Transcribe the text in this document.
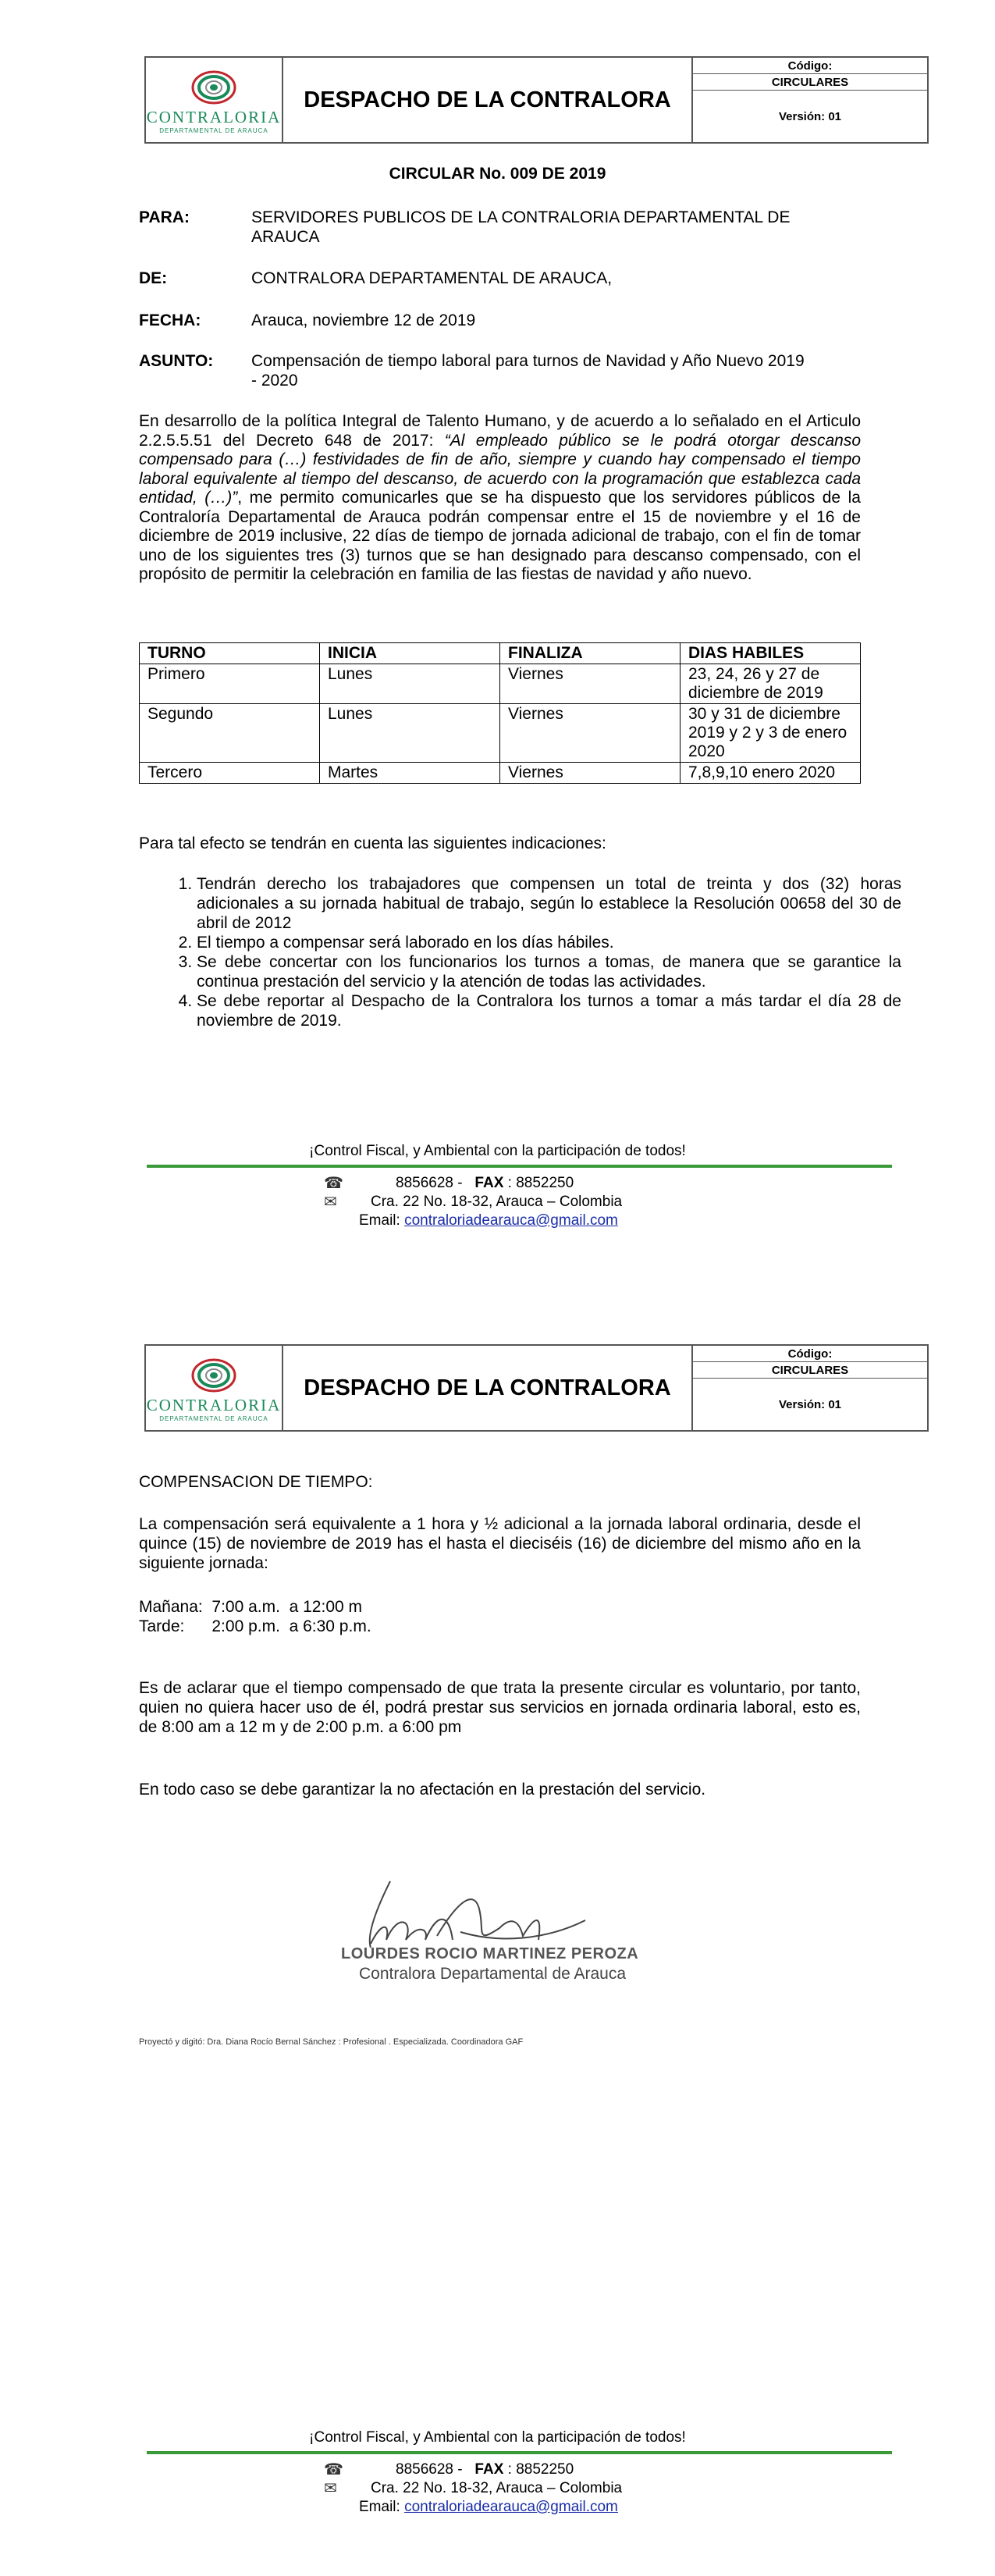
CONTRALORIA
DEPARTAMENTAL DE ARAUCA
DESPACHO DE LA CONTRALORA
Código:
CIRCULARES
Versión: 01
CIRCULAR No. 009 DE 2019
PARA:	SERVIDORES PUBLICOS DE LA CONTRALORIA DEPARTAMENTAL DE
ARAUCA
DE:	CONTRALORA DEPARTAMENTAL DE ARAUCA,
FECHA:	Arauca, noviembre 12 de 2019
ASUNTO: Compensación de tiempo laboral para turnos de Navidad y Año Nuevo 2019
- 2020
En desarrollo de la política Integral de Talento Humano, y de acuerdo a lo señalado en el Articulo 2.2.5.5.51 del Decreto 648 de 2017: “Al empleado público se le podrá otorgar descanso compensado para (…) festividades de fin de año, siempre y cuando hay compensado el tiempo laboral equivalente al tiempo del descanso, de acuerdo con la programación que establezca cada entidad, (…)”, me permito comunicarles que se ha dispuesto que los servidores públicos de la Contraloría Departamental de Arauca podrán compensar entre el 15 de noviembre y el 16 de diciembre de 2019 inclusive, 22 días de tiempo de jornada adicional de trabajo, con el fin de tomar uno de los siguientes tres (3) turnos que se han designado para descanso compensado, con el propósito de permitir la celebración en familia de las fiestas de navidad y año nuevo.
TURNO	INICIA	FINALIZA	DIAS HABILES
Primero	Lunes	Viernes	23, 24, 26 y 27 de diciembre de 2019
Segundo	Lunes	Viernes	30 y 31 de diciembre 2019 y 2 y 3 de enero 2020
Tercero	Martes	Viernes	7,8,9,10 enero 2020
Para tal efecto se tendrán en cuenta las siguientes indicaciones:
1. Tendrán derecho los trabajadores que compensen un total de treinta y dos (32) horas adicionales a su jornada habitual de trabajo, según lo establece la Resolución 00658 del 30 de abril de 2012
2. El tiempo a compensar será laborado en los días hábiles.
3. Se debe concertar con los funcionarios los turnos a tomas, de manera que se garantice la continua prestación del servicio y la atención de todas las actividades.
4. Se debe reportar al Despacho de la Contralora los turnos a tomar a más tardar el día 28 de noviembre de 2019.
¡Control Fiscal, y Ambiental con la participación de todos!
☎	8856628 -
FAX
: 8852250
✉	Cra. 22 No. 18-32, Arauca – Colombia
Email:
contraloriadearauca@gmail.com
CONTRALORIA
DEPARTAMENTAL DE ARAUCA
DESPACHO DE LA CONTRALORA
Código:
CIRCULARES
Versión: 01
COMPENSACION DE TIEMPO:
La compensación será equivalente a 1 hora y ½ adicional a la jornada laboral ordinaria, desde el quince (15) de noviembre de 2019 has el hasta el dieciséis (16) de diciembre del mismo año en la siguiente jornada:
Mañana:  7:00 a.m.  a 12:00 m
Tarde:      2:00 p.m.  a 6:30 p.m.
Es de aclarar que el tiempo compensado de que trata la presente circular es voluntario, por tanto, quien no quiera hacer uso de él, podrá prestar sus servicios en jornada ordinaria laboral, esto es, de 8:00 am a 12 m y de 2:00 p.m. a 6:00 pm
En todo caso se debe garantizar la no afectación en la prestación del servicio.
LOURDES ROCIO MARTINEZ PEROZA
Contralora Departamental de Arauca
Proyectó y digitó: Dra. Diana Rocío Bernal Sánchez : Profesional . Especializada. Coordinadora GAF
¡Control Fiscal, y Ambiental con la participación de todos!
☎	8856628 -
FAX
: 8852250
✉	Cra. 22 No. 18-32, Arauca – Colombia
Email:
contraloriadearauca@gmail.com
